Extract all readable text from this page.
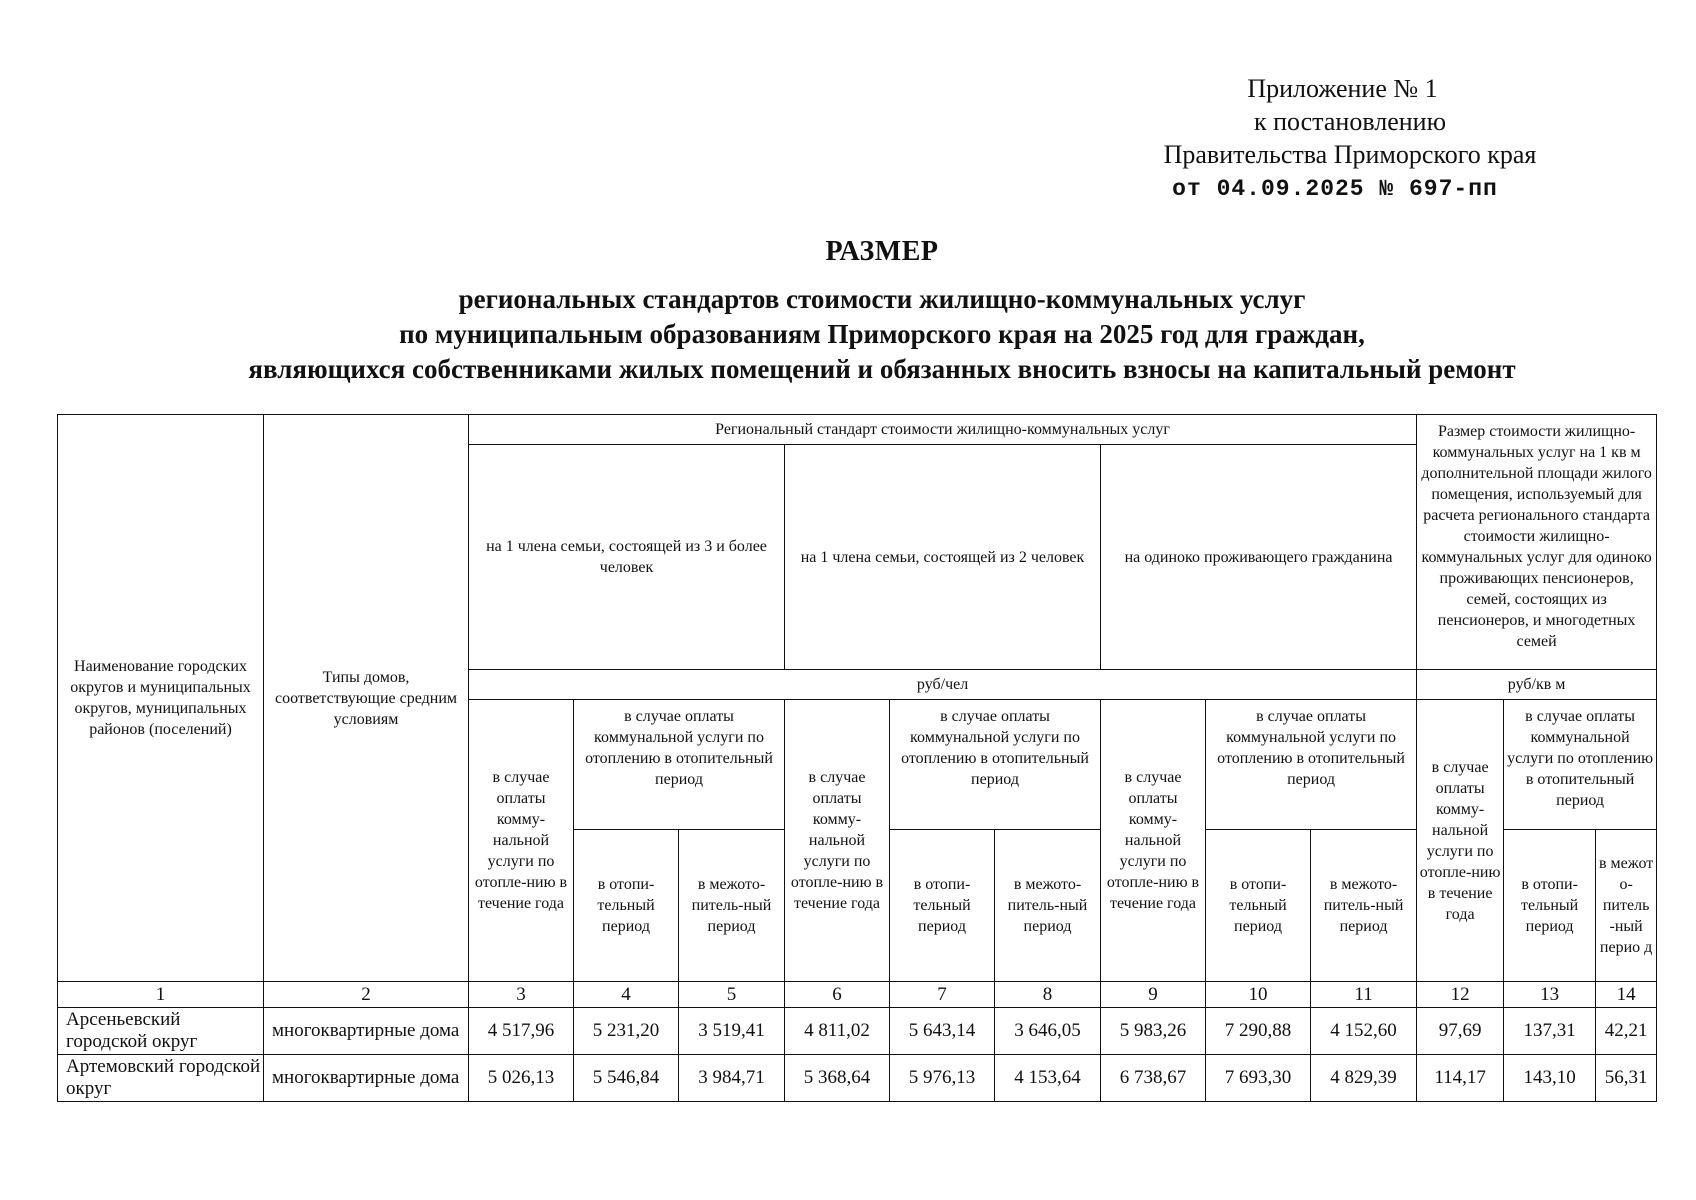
Приложение № 1
к постановлению
Правительства Приморского края
от 04.09.2025 № 697-пп
РАЗМЕР
региональных стандартов стоимости жилищно-коммунальных услуг
по муниципальным образованиям Приморского края на 2025 год для граждан,
являющихся собственниками жилых помещений и обязанных вносить взносы на капитальный ремонт
Наименование городских округов и муниципальных округов, муниципальных районов (поселений)	Типы домов, соответствующие средним условиям	Региональный стандарт стоимости жилищно-коммунальных услуг									Размер стоимости жилищно-коммунальных услуг на 1 кв м дополнительной площади жилого помещения, используемый для расчета регионального стандарта стоимости жилищно-коммунальных услуг для одиноко проживающих пенсионеров, семей, состоящих из пенсионеров, и многодетных семей		
		на 1 члена семьи, состоящей из 3 и более человек			на 1 члена семьи, состоящей из 2 человек			на одиноко проживающего гражданина					
		руб/чел									руб/кв м		
		в случае оплаты комму-нальной услуги по отопле-нию в течение года	в случае оплаты коммунальной услуги по отоплению в отопительный период		в случае оплаты комму-нальной услуги по отопле-нию в течение года	в случае оплаты коммунальной услуги по отоплению в отопительный период		в случае оплаты комму-нальной услуги по отопле-нию в течение года	в случае оплаты коммунальной услуги по отоплению в отопительный период		в случае оплаты комму-нальной услуги по отопле-нию в течение года	в случае оплаты коммунальной услуги по отоплению в отопительный период	
			в отопи-тельный период	в межото-питель-ный период		в отопи-тельный период	в межото-питель-ный период		в отопи-тельный период	в межото-питель-ный период		в отопи-тельный период	в межот о-питель -ный перио д
1	2	3	4	5	6	7	8	9	10	11	12	13	14
Арсеньевский городской округ	многоквартирные дома	4 517,96	5 231,20	3 519,41	4 811,02	5 643,14	3 646,05	5 983,26	7 290,88	4 152,60	97,69	137,31	42,21
Артемовский городской округ	многоквартирные дома	5 026,13	5 546,84	3 984,71	5 368,64	5 976,13	4 153,64	6 738,67	7 693,30	4 829,39	114,17	143,10	56,31
